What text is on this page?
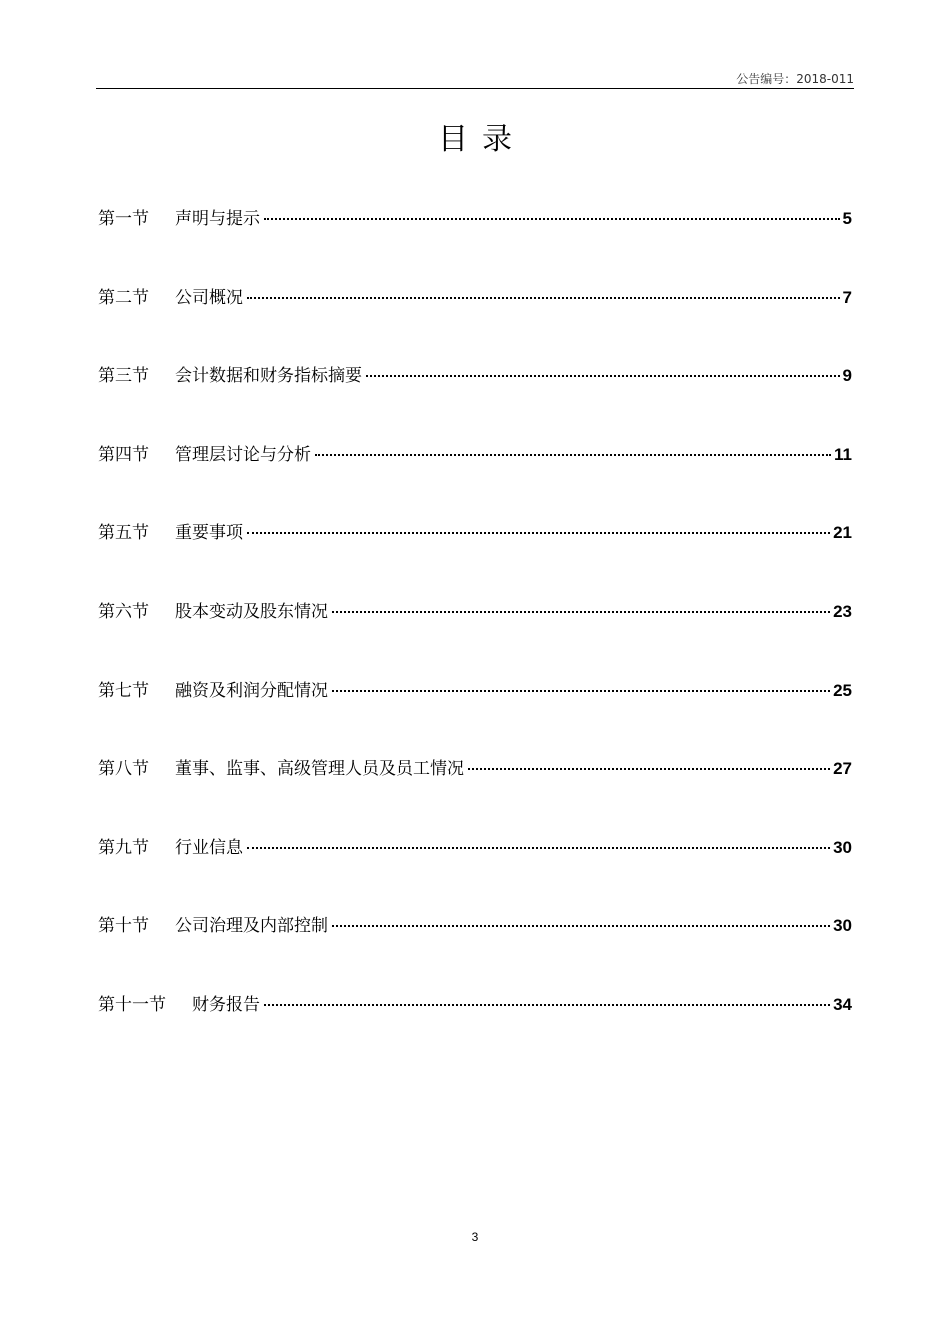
公告编号：2018-011
目录
第一节 声明与提示	5
第二节 公司概况	7
第三节 会计数据和财务指标摘要	9
第四节 管理层讨论与分析	11
第五节 重要事项	21
第六节 股本变动及股东情况	23
第七节 融资及利润分配情况	25
第八节 董事、监事、高级管理人员及员工情况	27
第九节 行业信息	30
第十节 公司治理及内部控制	30
第十一节 财务报告	34
3
